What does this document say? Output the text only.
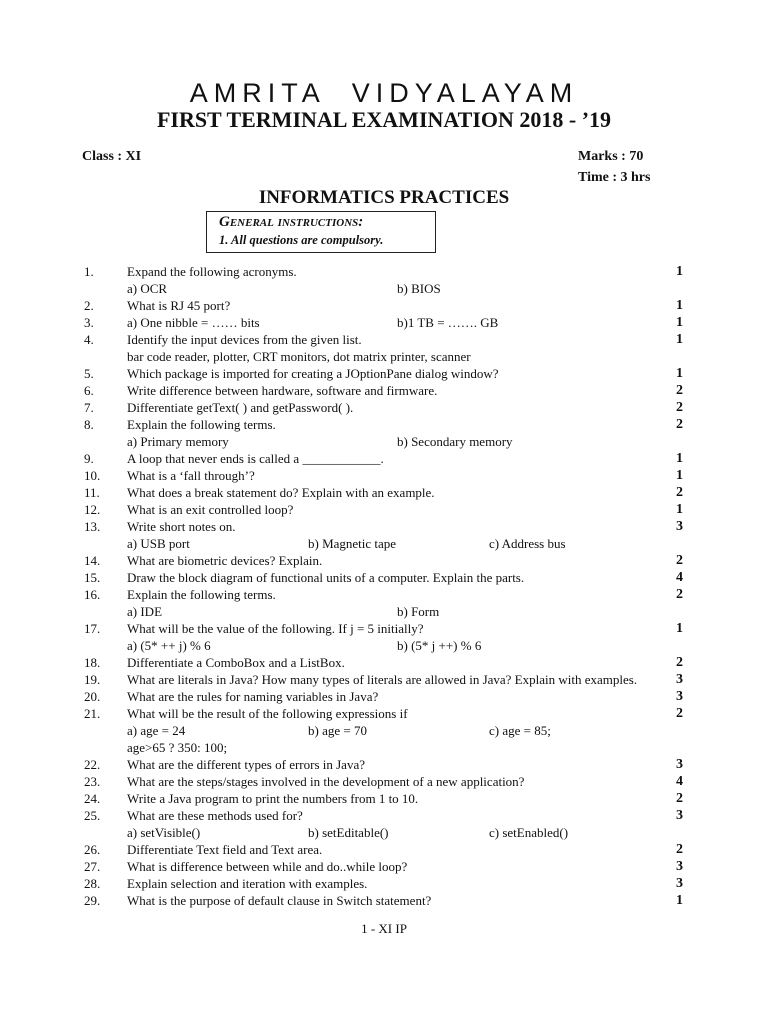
AMRITA VIDYALAYAM
FIRST TERMINAL EXAMINATION 2018 - ’19
Class : XI	Marks : 70
Time : 3 hrs
INFORMATICS PRACTICES
General instructions:
1. All questions are compulsory.
1.	Expand the following acronyms.	1
a) OCR	b) BIOS
2.	What is RJ 45 port?	1
3.	a) One nibble = …… bits	b)1 TB = ……. GB	1
4.	Identify the input devices from the given list.	1
bar code reader, plotter, CRT monitors, dot matrix printer, scanner
5.	Which package is imported for creating a JOptionPane dialog window?	1
6.	Write difference between hardware, software and firmware.	2
7.	Differentiate getText( ) and getPassword( ).	2
8.	Explain the following terms.	2
a) Primary memory	b) Secondary memory
9.	A loop that never ends is called a ____________.	1
10. What is a ‘fall through’?	1
11. What does a break statement do? Explain with an example.	2
12. What is an exit controlled loop?	1
13. Write short notes on.	3
a) USB port	b) Magnetic tape	c) Address bus
14. What are biometric devices? Explain.	2
15. Draw the block diagram of functional units of a computer. Explain the parts.	4
16. Explain the following terms.	2
a) IDE	b) Form
17. What will be the value of the following. If j = 5 initially?	1
a) (5* ++ j) % 6	b) (5* j ++) % 6
18. Differentiate a ComboBox and a ListBox.	2
19. What are literals in Java? How many types of literals are allowed in Java? Explain with examples.	3
20. What are the rules for naming variables in Java?	3
21. What will be the result of the following expressions if	2
a) age = 24	b) age = 70	c) age = 85;
age>65 ? 350: 100;
22. What are the different types of errors in Java?	3
23. What are the steps/stages involved in the development of a new application?	4
24. Write a Java program to print the numbers from 1 to 10.	2
25. What are these methods used for?	3
a) setVisible()	b) setEditable()	c) setEnabled()
26. Differentiate Text field and Text area.	2
27. What is difference between while and do..while loop?	3
28. Explain selection and iteration with examples.	3
29. What is the purpose of default clause in Switch statement?	1
1 - XI IP
